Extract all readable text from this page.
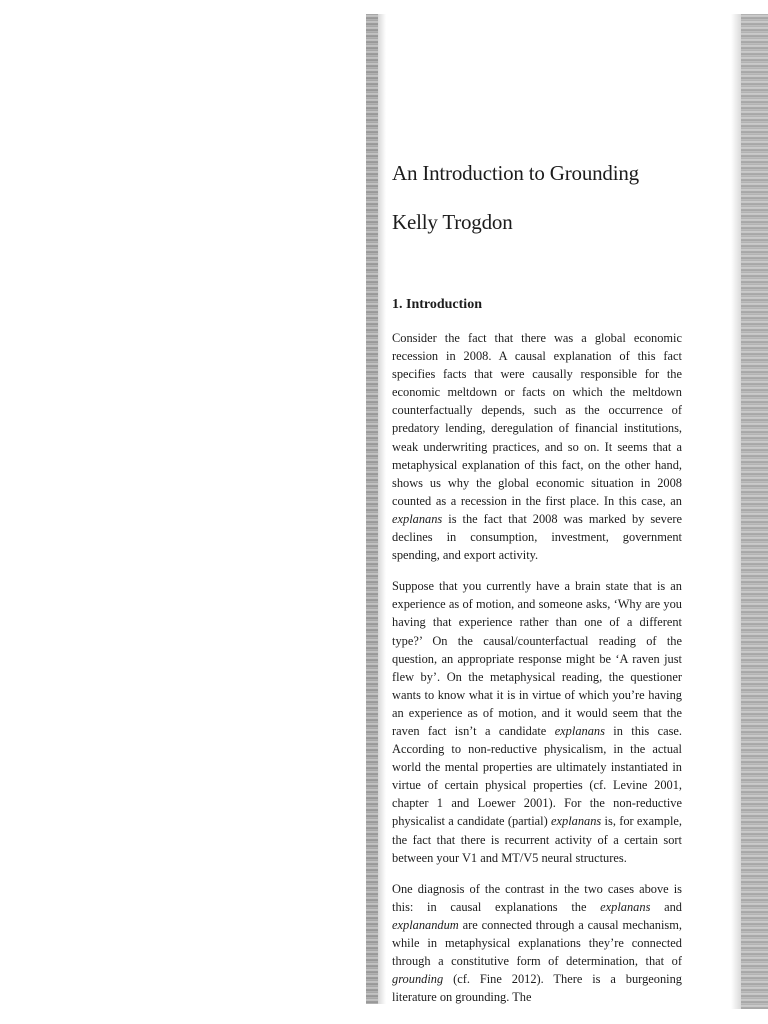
An Introduction to Grounding
Kelly Trogdon
1. Introduction

Consider the fact that there was a global economic recession in 2008. A causal explanation of this fact specifies facts that were causally responsible for the economic meltdown or facts on which the meltdown counterfactually depends, such as the occurrence of predatory lending, deregulation of financial institutions, weak underwriting practices, and so on. It seems that a metaphysical explanation of this fact, on the other hand, shows us why the global economic situation in 2008 counted as a recession in the first place. In this case, an explanans is the fact that 2008 was marked by severe declines in consumption, investment, government spending, and export activity.

Suppose that you currently have a brain state that is an experience as of motion, and someone asks, ‘Why are you having that experience rather than one of a different type?’ On the causal/counterfactual reading of the question, an appropriate response might be ‘A raven just flew by’. On the metaphysical reading, the questioner wants to know what it is in virtue of which you’re having an experience as of motion, and it would seem that the raven fact isn’t a candidate explanans in this case. According to non-reductive physicalism, in the actual world the mental properties are ultimately instantiated in virtue of certain physical properties (cf. Levine 2001, chapter 1 and Loewer 2001). For the non-reductive physicalist a candidate (partial) explanans is, for example, the fact that there is recurrent activity of a certain sort between your V1 and MT/V5 neural structures.

One diagnosis of the contrast in the two cases above is this: in causal explanations the explanans and explanandum are connected through a causal mechanism, while in metaphysical explanations they’re connected through a constitutive form of determination, that of grounding (cf. Fine 2012). There is a burgeoning literature on grounding. The
